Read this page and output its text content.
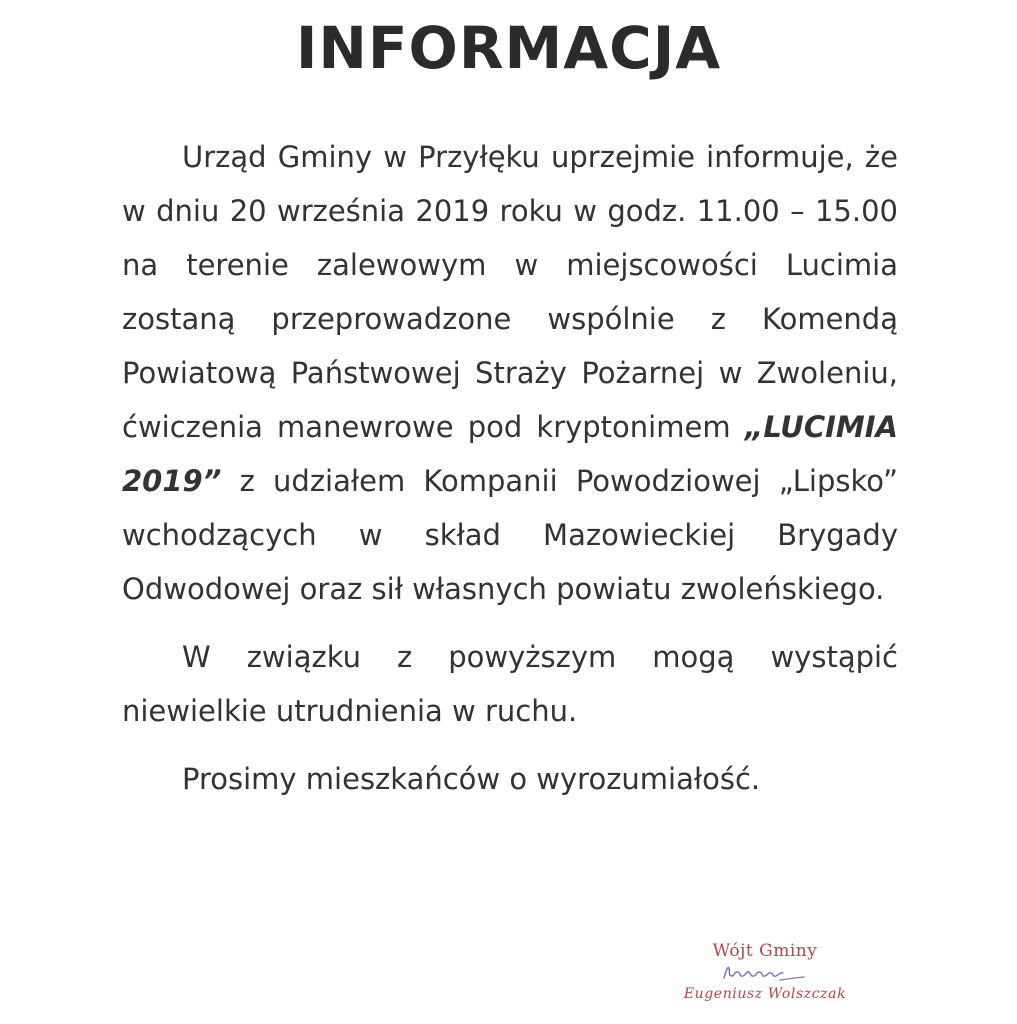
INFORMACJA

Urząd Gminy w Przyłęku uprzejmie informuje, że w dniu 20 września 2019 roku w godz. 11.00 – 15.00 na terenie zalewowym w miejscowości Lucimia zostaną przeprowadzone wspólnie z Komendą Powiatową Państwowej Straży Pożarnej w Zwoleniu, ćwiczenia manewrowe pod kryptonimem „LUCIMIA 2019” z udziałem Kompanii Powodziowej „Lipsko” wchodzących w skład Mazowieckiej Brygady Odwodowej oraz sił własnych powiatu zwoleńskiego.

W związku z powyższym mogą wystąpić niewielkie utrudnienia w ruchu.

Prosimy mieszkańców o wyrozumiałość.

Wójt Gminy
Eugeniusz Wolszczak
